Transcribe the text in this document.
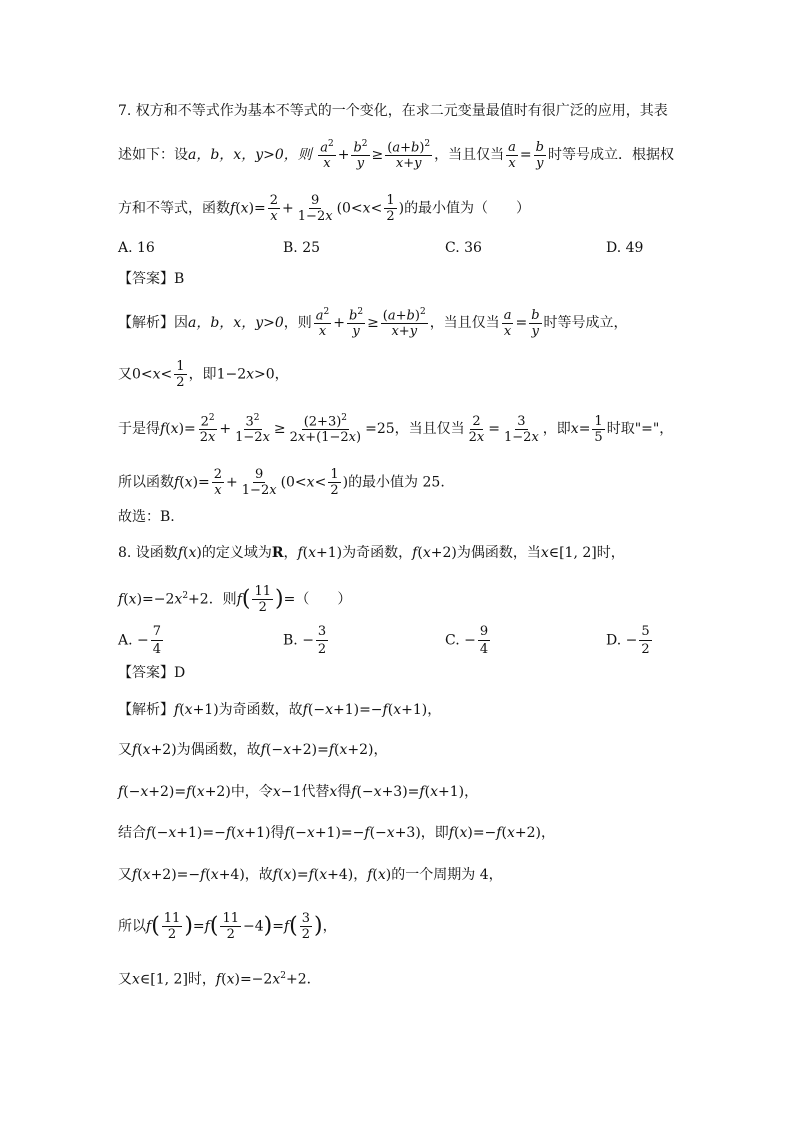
7. 权方和不等式作为基本不等式的一个变化，在求二元变量最值时有很广泛的应用，其表
述如下：设a，b，x，y>0，则 $\frac{a^2}{x} + \frac{b^2}{y} \ge \frac{(a+b)^2}{x+y}$ ，当且仅当 $\frac{a}{x} = \frac{b}{y}$ 时等号成立．根据权
方和不等式，函数$f(x)= \frac{2}{x} + \frac{9}{1-2x} (0<x< \frac{1}{2}$ )的最小值为（　　）
A. 16	B. 25	C. 36	D. 49
【答案】B
【解析】因a，b，x，y>0，则 $\frac{a^2}{x} + \frac{b^2}{y} \ge \frac{(a+b)^2}{x+y}$ ，当且仅当 $\frac{a}{x} = \frac{b}{y}$ 时等号成立，
又$0<x< \frac{1}{2}$ ，即1−2x>0，
于是得$f(x)= \frac{2^2}{2x} + \frac{3^2}{1-2x} \ge \frac{(2+3)^2}{2x+(1-2x)} =25$，当且仅当 $\frac{2}{2x} = \frac{3}{1-2x}$ ，即$x= \frac{1}{5}$ 时取"="，
所以函数$f(x)= \frac{2}{x} + \frac{9}{1-2x} (0<x< \frac{1}{2}$ )的最小值为 25.
故选：B.
8. 设函数f(x)的定义域为R，f(x+1)为奇函数，f(x+2)为偶函数，当x∈[1, 2]时，
$f(x)=-2x^2+2$．则$f( \frac{11}{2}$ )=（　　）
A. − $\frac{7}{4}$	B. − $\frac{3}{2}$	C. − $\frac{9}{4}$	D. − $\frac{5}{2}$
【答案】D
【解析】f(x+1)为奇函数，故f(−x+1)=−f(x+1)，
又f(x+2)为偶函数，故f(−x+2)=f(x+2)，
f(−x+2)=f(x+2)中，令x−1代替x得f(−x+3)=f(x+1)，
结合f(−x+1)=−f(x+1)得f(−x+1)=−f(−x+3)，即f(x)=−f(x+2)，
又f(x+2)=−f(x+4)，故f(x)=f(x+4)，f(x)的一个周期为 4，
所以$f( \frac{11}{2} )=f( \frac{11}{2} -4)=f( \frac{3}{2}$ )，
又x∈[1, 2]时，$f(x)=-2x^2+2$．
